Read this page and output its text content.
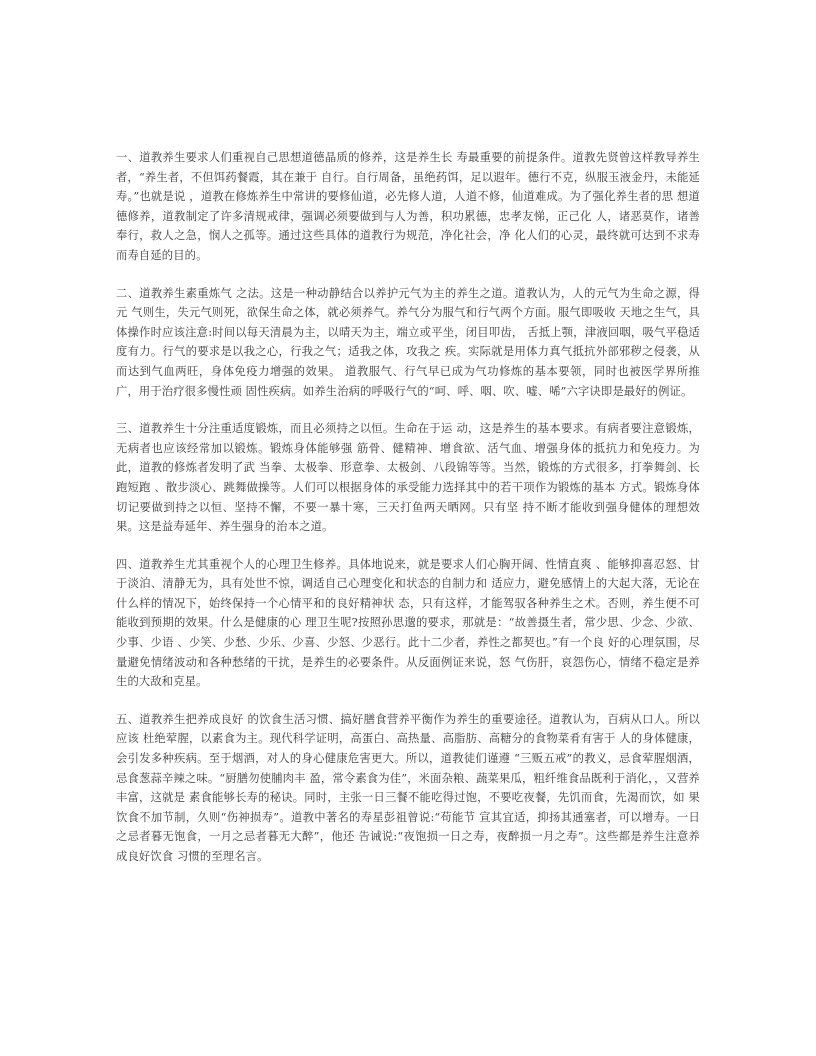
一、道教养生要求人们重视自己思想道德晶质的修养，这是养生长 寿最重要的前提条件。道教先贤曾这样教导养生者，“养生者，不但饵药餐霞，其在兼于 自行。自行周备，虽绝药饵，足以遐年。德行不克，纵服玉液金丹，未能延寿。”也就是说 ，道教在修炼养生中常讲的要修仙道，必先修人道，人道不修，仙道难成。为了强化养生者的思 想道德修养，道教制定了许多清规戒律，强调必须要做到与人为善，积功累德，忠孝友悌，正己化 人，诸恶莫作，诸善奉行，救人之急，悯人之孤等。通过这些具体的道教行为规范，净化社会，净 化人们的心灵，最终就可达到不求寿而寿自延的目的。

二、道教养生素重炼气 之法。这是一种动静结合以养护元气为主的养生之道。道教认为，人的元气为生命之源，得元 气则生，失元气则死，欲保生命之体，就必须养气。养气分为服气和行气两个方面。服气即吸收 天地之生气，具体操作时应该注意:时间以每天清晨为主，以晴天为主，端立或平坐，闭目叩齿， 舌抵上颚，津液回咽，吸气平稳适度有力。行气的要求是以我之心，行我之气；适我之体，攻我之 疾。实际就是用体力真气抵抗外部邪秽之侵袭，从而达到气血两旺，身体免疫力增强的效果。 道教服气、行气早已成为气功修炼的基本要领，同时也被医学界所推广，用于治疗很多慢性顽 固性疾病。如养生治病的呼吸行气的“呵、呼、咽、吹、嘘、唏”六字诀即是最好的例证。

三、道教养生十分注重适度锻炼，而且必须持之以恒。生命在于运 动，这是养生的基本要求。有病者要注意锻炼，无病者也应该经常加以锻炼。锻炼身体能够强 筋骨、健精神、增食欲、活气血、增强身体的抵抗力和免疫力。为此，道教的修炼者发明了武 当拳、太极拳、形意拳、太极剑、八段锦等等。当然，锻炼的方式很多，打拳舞剑、长跑短跑 、散步淡心、跳舞做操等。人们可以根据身体的承受能力选择其中的若干项作为锻炼的基本 方式。锻炼身体切记要做到持之以恒、坚持不懈，不要一暴十寒，三天打鱼两天晒网。只有坚 持不断才能收到强身健体的理想效果。这是益寿延年、养生强身的治本之道。

四、道教养生尤其重视个人的心理卫生修养。具体地说来，就是要求人们心胸开阔、性情直爽 、能够抑喜忍怒、甘于淡泊、清静无为，具有处世不惊，调适自己心理变化和状态的自制力和 适应力，避免感情上的大起大落，无论在什么样的情况下，始终保持一个心情平和的良好精神状 态，只有这样，才能驾驭各种养生之术。否则，养生便不可能收到预期的效果。什么是健康的心 理卫生呢?按照孙思邈的要求，那就是：“故善摄生者，常少思、少念、少欲、少事、少语 、少笑、少愁、少乐、少喜、少怒、少恶行。此十二少者，养性之都契也。”有一个良 好的心理氛围，尽量避免情绪波动和各种愁绪的干扰，是养生的必要条件。从反面例证来说，怒 气伤肝，哀怨伤心，情绪不稳定是养生的大敌和克星。

五、道教养生把养成良好 的饮食生活习惯、搞好膳食营养平衡作为养生的重要途径。道教认为，百病从口人。所以应该 杜绝荤腥，以素食为主。现代科学证明，高蛋白、高热量、高脂肪、高糖分的食物菜肴有害于 人的身体健康，会引发多种疾病。至于烟酒，对人的身心健康危害更大。所以，道教徒们谨遵 “三贩五戒”的教义，忌食荤腥烟酒，忌食葱蒜辛辣之味。“厨膳勿使脯肉丰 盈，常令素食为佳”，米面杂粮、蔬菜果瓜，粗纤维食品既利于消化，，又营养丰富，这就是 素食能够长寿的秘诀。同时，主张一日三餐不能吃得过饱，不要吃夜餐，先饥而食，先渴而饮，如 果饮食不加节制，久则“伤神损寿”。道教中著名的寿星彭祖曾说:“苟能节 宣其宜适，抑扬其通塞者，可以增寿。一日之忌者暮无饱食，一月之忌者暮无大醉”，他还 告诫说:“夜饱损一日之寿，夜醉损一月之寿”。这些都是养生注意养成良好饮食 习惯的至理名言。
